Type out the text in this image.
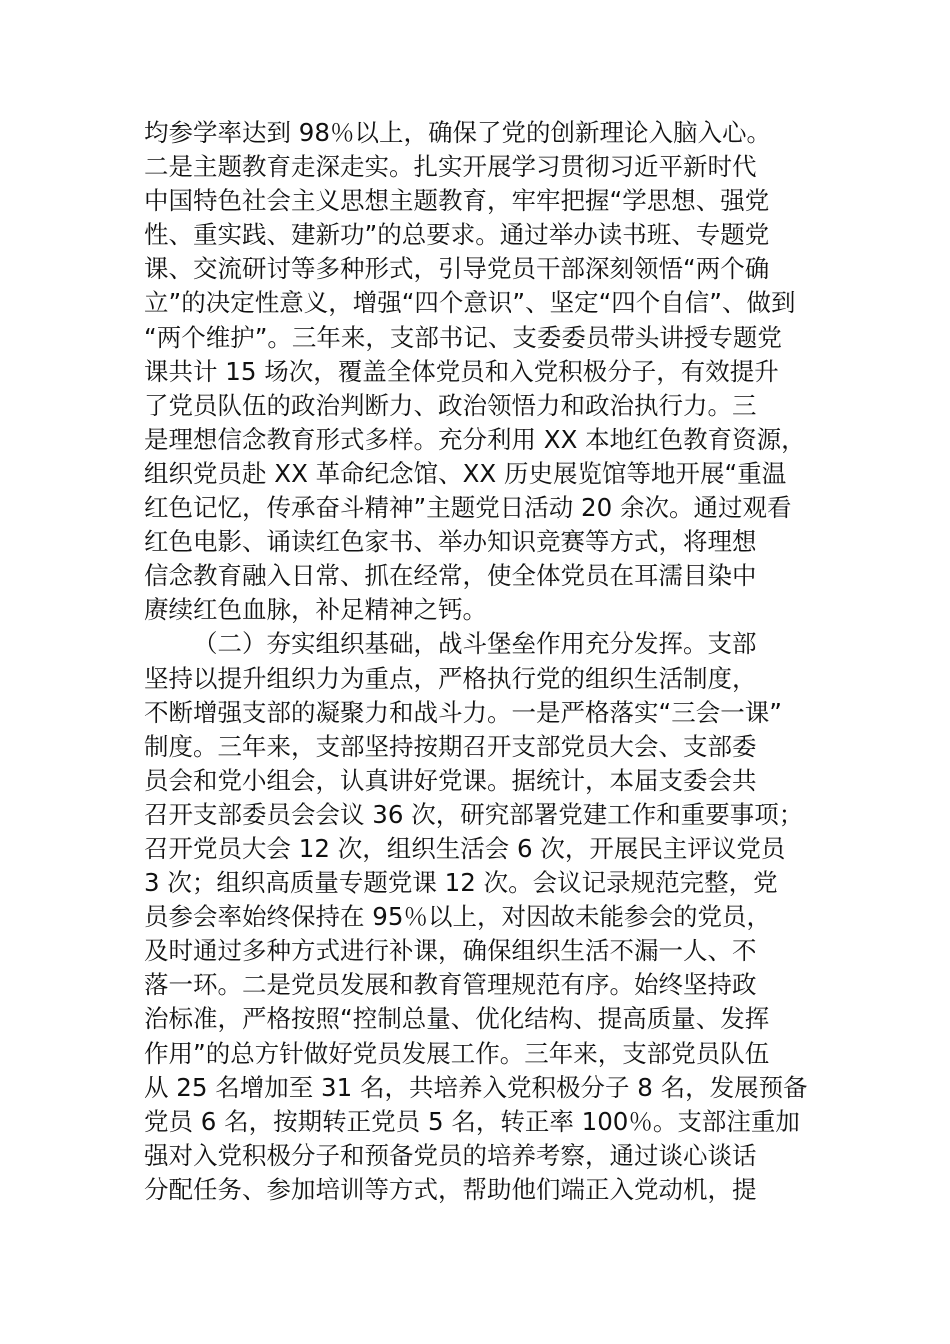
均参学率达到 98％以上，确保了党的创新理论入脑入心。
二是主题教育走深走实。扎实开展学习贯彻习近平新时代
中国特色社会主义思想主题教育，牢牢把握“学思想、强党
性、重实践、建新功”的总要求。通过举办读书班、专题党
课、交流研讨等多种形式，引导党员干部深刻领悟“两个确
立”的决定性意义，增强“四个意识”、坚定“四个自信”、做到
“两个维护”。三年来，支部书记、支委委员带头讲授专题党
课共计 15 场次，覆盖全体党员和入党积极分子，有效提升
了党员队伍的政治判断力、政治领悟力和政治执行力。三
是理想信念教育形式多样。充分利用 XX 本地红色教育资源，
组织党员赴 XX 革命纪念馆、XX 历史展览馆等地开展“重温
红色记忆，传承奋斗精神”主题党日活动 20 余次。通过观看
红色电影、诵读红色家书、举办知识竞赛等方式，将理想
信念教育融入日常、抓在经常，使全体党员在耳濡目染中
赓续红色血脉，补足精神之钙。
（二）夯实组织基础，战斗堡垒作用充分发挥。支部
坚持以提升组织力为重点，严格执行党的组织生活制度，
不断增强支部的凝聚力和战斗力。一是严格落实“三会一课”
制度。三年来，支部坚持按期召开支部党员大会、支部委
员会和党小组会，认真讲好党课。据统计，本届支委会共
召开支部委员会会议 36 次，研究部署党建工作和重要事项；
召开党员大会 12 次，组织生活会 6 次，开展民主评议党员
3 次；组织高质量专题党课 12 次。会议记录规范完整，党
员参会率始终保持在 95％以上，对因故未能参会的党员，
及时通过多种方式进行补课，确保组织生活不漏一人、不
落一环。二是党员发展和教育管理规范有序。始终坚持政
治标准，严格按照“控制总量、优化结构、提高质量、发挥
作用”的总方针做好党员发展工作。三年来，支部党员队伍
从 25 名增加至 31 名，共培养入党积极分子 8 名，发展预备
党员 6 名，按期转正党员 5 名，转正率 100％。支部注重加
强对入党积极分子和预备党员的培养考察，通过谈心谈话
分配任务、参加培训等方式，帮助他们端正入党动机，提
